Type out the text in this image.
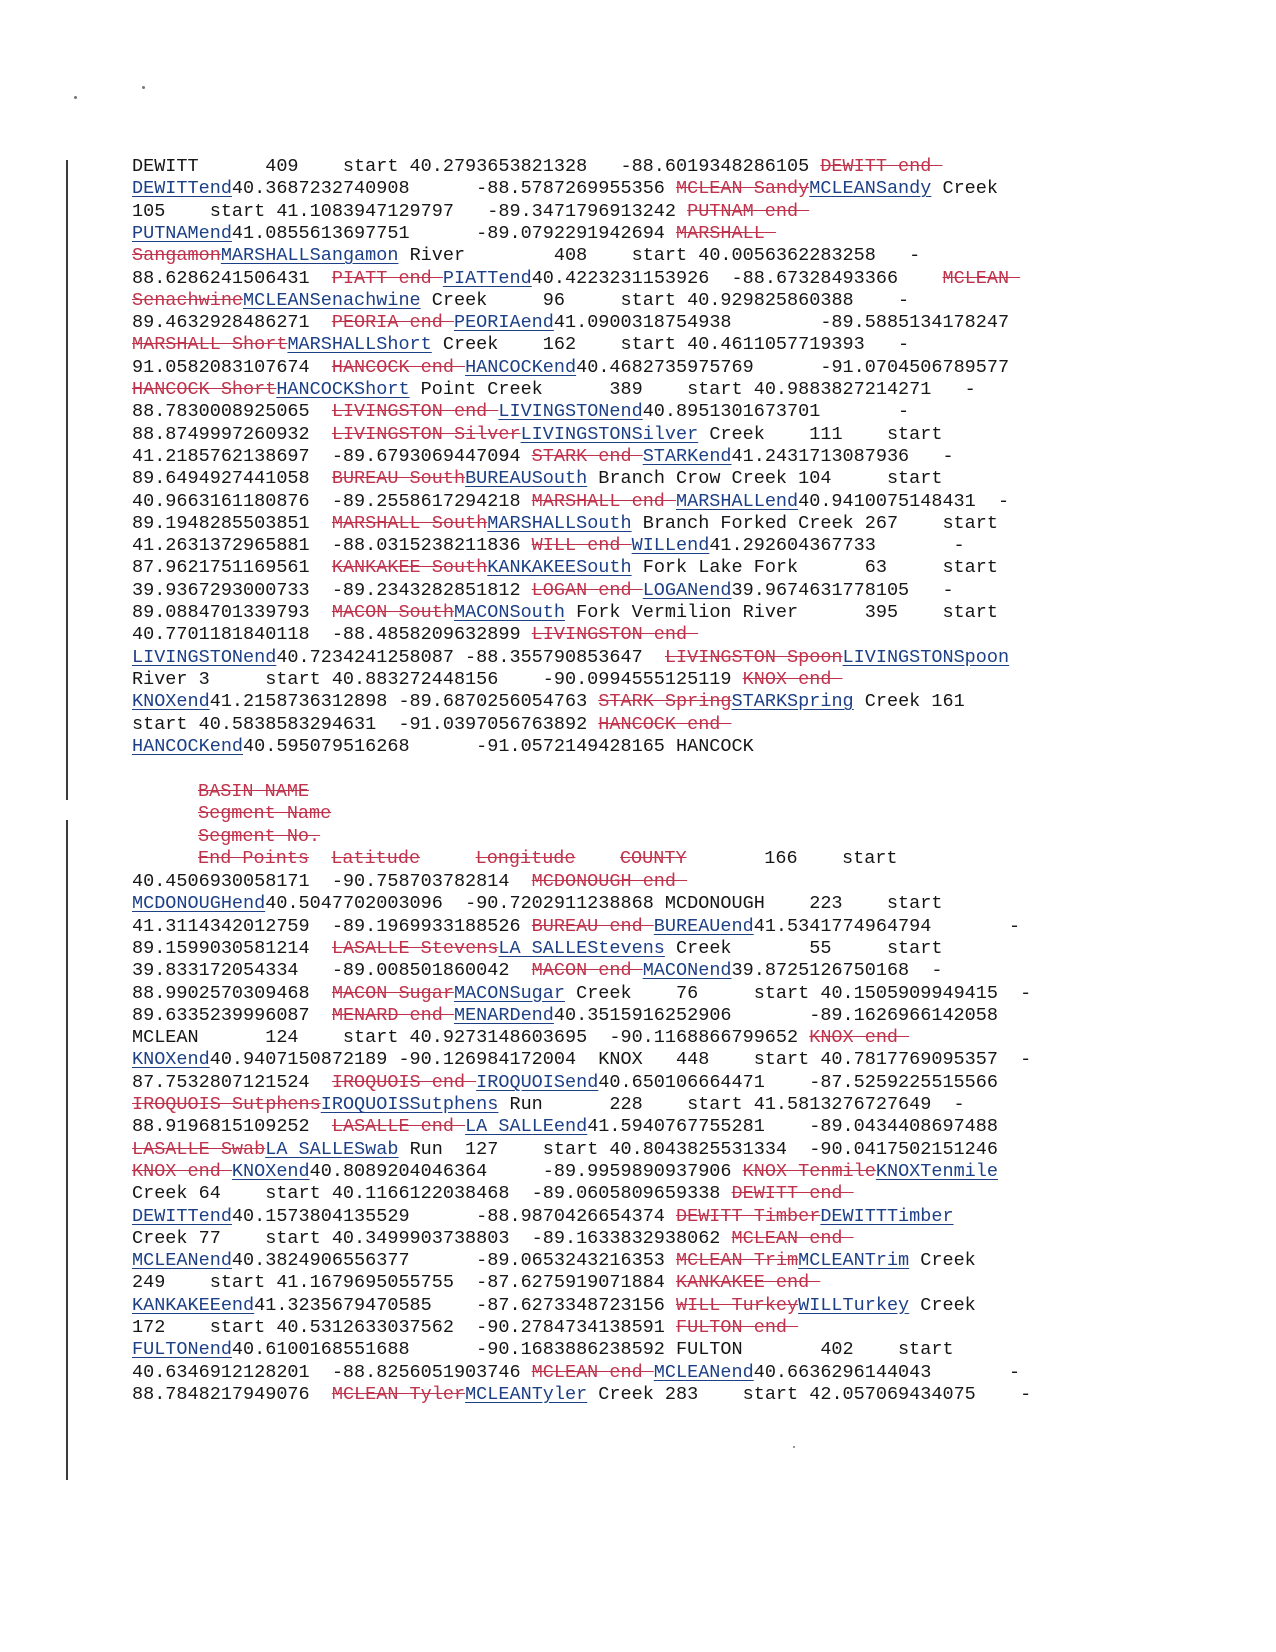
DEWITT      409    start 40.2793653821328   -88.6019348286105 DEWITT end
DEWITTend40.3687232740908      -88.5787269955356 MCLEAN SandyMCLEANSandy Creek
105    start 41.1083947129797   -89.3471796913242 PUTNAM end
PUTNAMend41.0855613697751      -89.0792291942694 MARSHALL
SangamonMARSHALLSangamon River        408    start 40.0056362283258   -
88.6286241506431  PIATT end PIATTend40.4223231153926  -88.67328493366    MCLEAN
SenachwineMCLEANSenachwine Creek     96     start 40.929825860388    -
89.4632928486271  PEORIA end PEORIAend41.0900318754938        -89.5885134178247
MARSHALL ShortMARSHALLShort Creek    162    start 40.4611057719393   -
91.0582083107674  HANCOCK end HANCOCKend40.4682735975769      -91.0704506789577
HANCOCK ShortHANCOCKShort Point Creek      389    start 40.9883827214271   -
88.7830008925065  LIVINGSTON end LIVINGSTONend40.8951301673701       -
88.8749997260932  LIVINGSTON SilverLIVINGSTONSilver Creek    111    start
41.2185762138697  -89.6793069447094 STARK end STARKend41.2431713087936   -
89.6494927441058  BUREAU SouthBUREAUSouth Branch Crow Creek 104     start
40.9663161180876  -89.2558617294218 MARSHALL end MARSHALLend40.9410075148431  -
89.1948285503851  MARSHALL SouthMARSHALLSouth Branch Forked Creek 267    start
41.2631372965881  -88.0315238211836 WILL end WILLend41.292604367733       -
87.9621751169561  KANKAKEE SouthKANKAKEESouth Fork Lake Fork      63     start
39.9367293000733  -89.2343282851812 LOGAN end LOGANend39.9674631778105   -
89.0884701339793  MACON SouthMACONSouth Fork Vermilion River      395    start
40.7701181840118  -88.4858209632899 LIVINGSTON end
LIVINGSTONend40.7234241258087 -88.355790853647  LIVINGSTON SpoonLIVINGSTONSpoon
River 3     start 40.883272448156    -90.0994555125119 KNOX end
KNOXend41.2158736312898 -89.6870256054763 STARK SpringSTARKSpring Creek 161
start 40.5838583294631  -91.0397056763892 HANCOCK end
HANCOCKend40.595079516268      -91.0572149428165 HANCOCK
BASIN NAME
Segment Name
Segment No.
End Points Latitude	Longitude COUNTY       166    start
40.4506930058171  -90.758703782814  MCDONOUGH end
MCDONOUGHend40.5047702003096  -90.7202911238868 MCDONOUGH    223    start
41.3114342012759  -89.1969933188526 BUREAU end BUREAUend41.5341774964794       -
89.1599030581214  LASALLE StevensLA SALLEStevens Creek       55     start
39.833172054334   -89.008501860042  MACON end MACONend39.8725126750168  -
88.9902570309468  MACON SugarMACONSugar Creek    76     start 40.1505909949415  -
89.6335239996087  MENARD end MENARDend40.3515916252906       -89.1626966142058
MCLEAN      124    start 40.9273148603695  -90.1168866799652 KNOX end
KNOXend40.9407150872189 -90.126984172004  KNOX   448    start 40.7817769095357  -
87.7532807121524  IROQUOIS end IROQUOISend40.650106664471    -87.5259225515566
IROQUOIS SutphensIROQUOISSutphens Run      228    start 41.5813276727649  -
88.9196815109252  LASALLE end LA SALLEend41.5940767755281    -89.0434408697488
LASALLE SwabLA SALLESwab Run  127    start 40.8043825531334  -90.0417502151246
KNOX end KNOXend40.8089204046364     -89.9959890937906 KNOX TenmileKNOXTenmile
Creek 64    start 40.1166122038468  -89.0605809659338 DEWITT end
DEWITTend40.1573804135529      -88.9870426654374 DEWITT TimberDEWITTTimber
Creek 77    start 40.3499903738803  -89.1633832938062 MCLEAN end
MCLEANend40.3824906556377      -89.0653243216353 MCLEAN TrimMCLEANTrim Creek
249    start 41.1679695055755  -87.6275919071884 KANKAKEE end
KANKAKEEend41.3235679470585    -87.6273348723156 WILL TurkeyWILLTurkey Creek
172    start 40.5312633037562  -90.2784734138591 FULTON end
FULTONend40.6100168551688      -90.1683886238592 FULTON       402    start
40.6346912128201  -88.8256051903746 MCLEAN end MCLEANend40.6636296144043       -
88.7848217949076  MCLEAN TylerMCLEANTyler Creek 283    start 42.057069434075    -
